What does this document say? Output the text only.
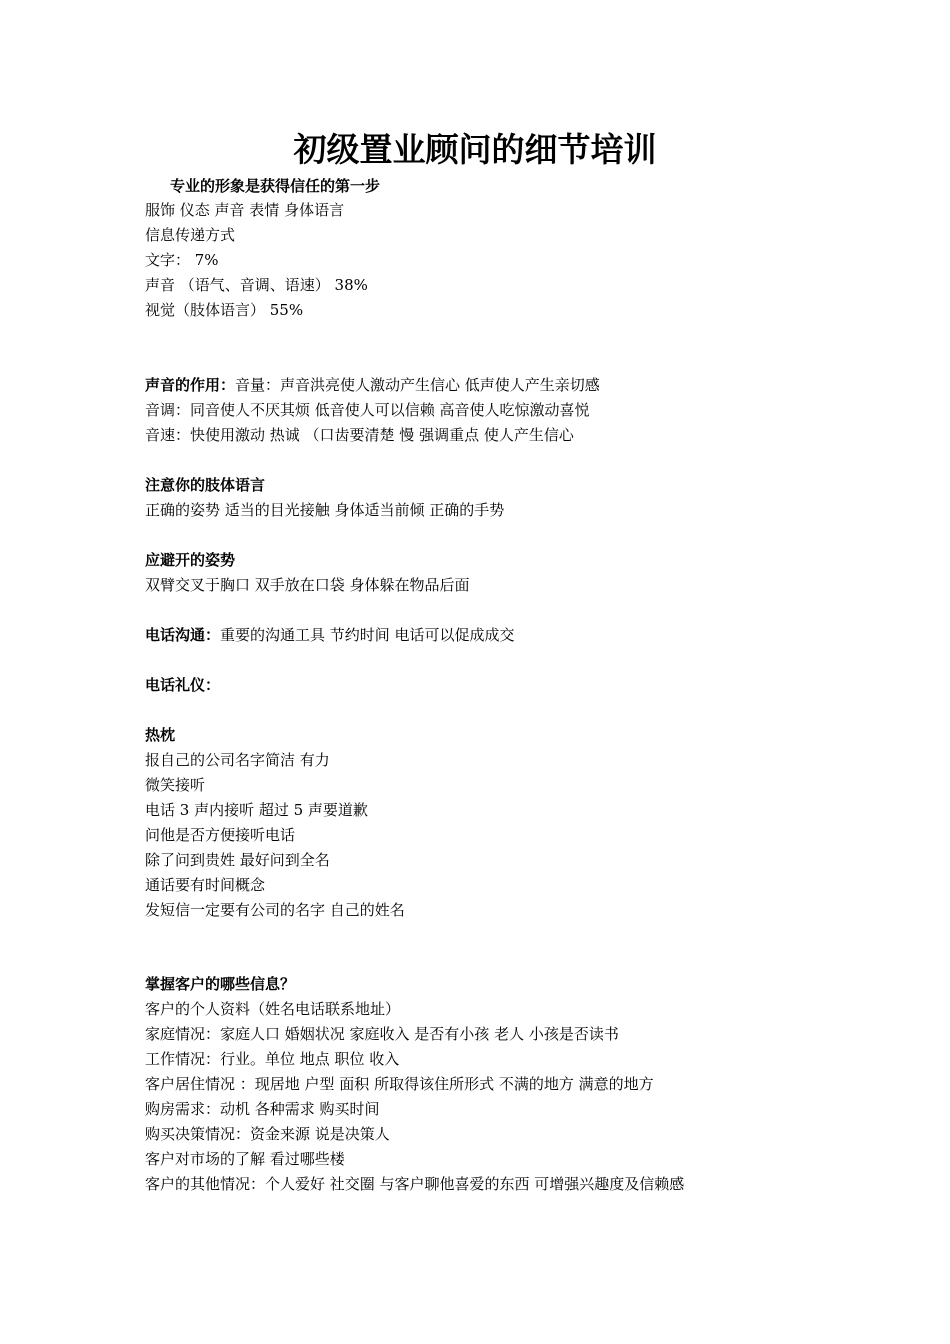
初级置业顾问的细节培训
专业的形象是获得信任的第一步
服饰 仪态 声音 表情 身体语言
信息传递方式
文字： 7%
声音 （语气、音调、语速） 38%
视觉（肢体语言） 55%
声音的作用：音量：声音洪亮使人激动产生信心 低声使人产生亲切感
音调：同音使人不厌其烦 低音使人可以信赖 高音使人吃惊激动喜悦
音速：快使用激动 热诚 （口齿要清楚 慢 强调重点 使人产生信心
注意你的肢体语言
正确的姿势 适当的目光接触 身体适当前倾 正确的手势
应避开的姿势
双臂交叉于胸口 双手放在口袋 身体躲在物品后面
电话沟通：重要的沟通工具 节约时间 电话可以促成成交
电话礼仪：
热枕
报自己的公司名字简洁 有力
微笑接听
电话 3 声内接听 超过 5 声要道歉
问他是否方便接听电话
除了问到贵姓 最好问到全名
通话要有时间概念
发短信一定要有公司的名字 自己的姓名
掌握客户的哪些信息？
客户的个人资料（姓名电话联系地址）
家庭情况：家庭人口 婚姻状况 家庭收入 是否有小孩 老人 小孩是否读书
工作情况：行业。单位 地点 职位 收入
客户居住情况 ：现居地 户型 面积 所取得该住所形式 不满的地方 满意的地方
购房需求：动机 各种需求 购买时间
购买决策情况：资金来源 说是决策人
客户对市场的了解 看过哪些楼
客户的其他情况：个人爱好 社交圈 与客户聊他喜爱的东西 可增强兴趣度及信赖感
